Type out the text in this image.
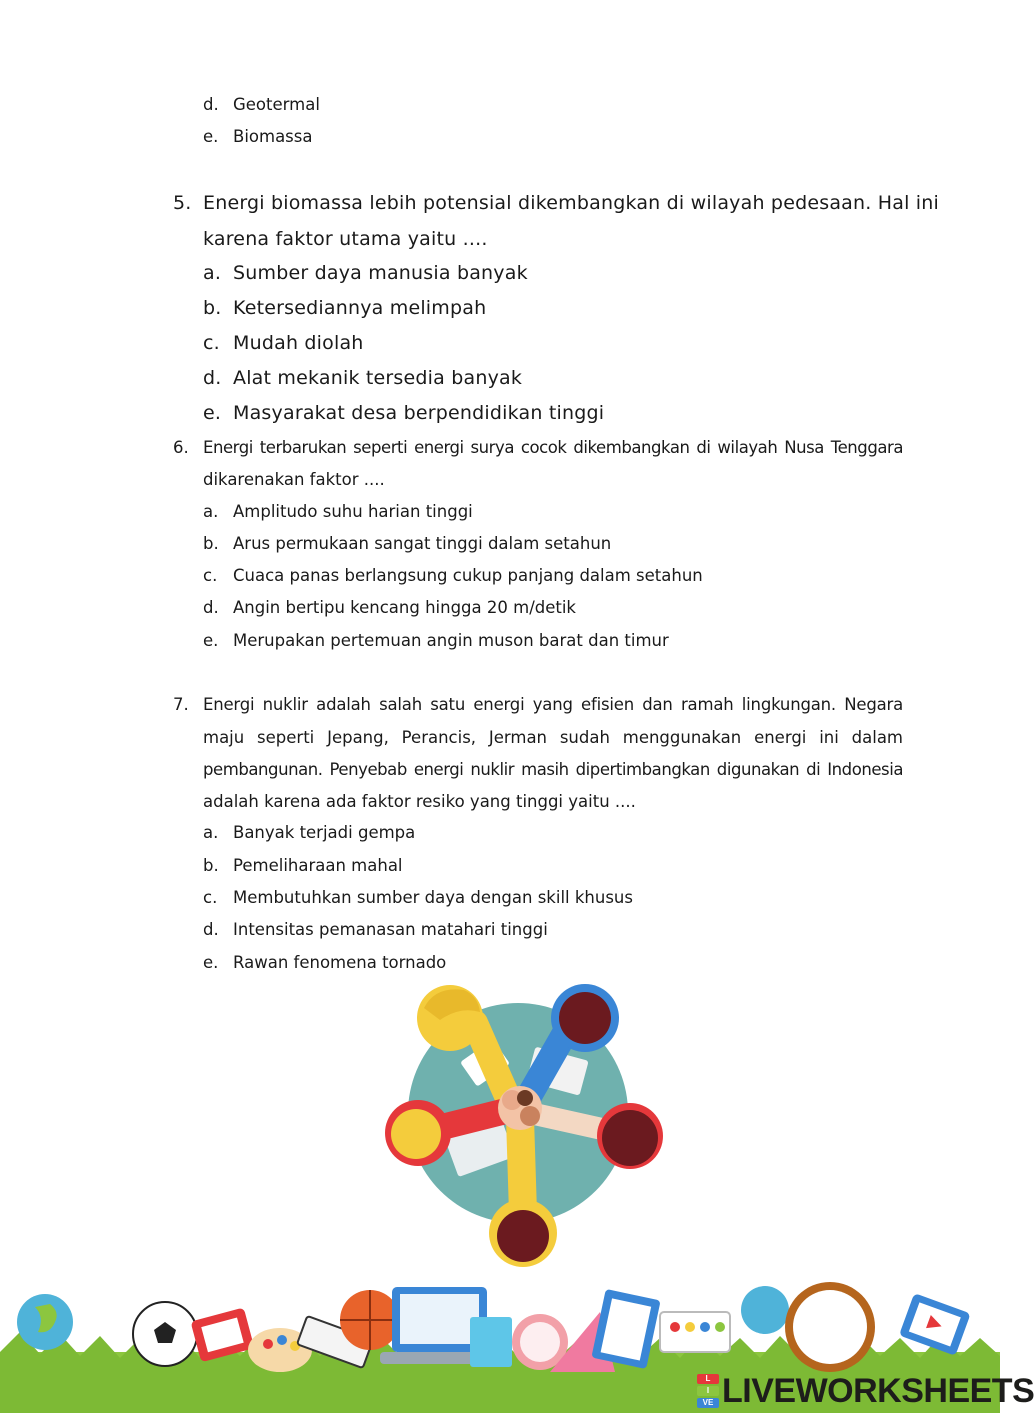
d. Geotermal
e. Biomassa
5. Energi biomassa lebih potensial dikembangkan di wilayah pedesaan. Hal ini
karena faktor utama yaitu ....
a. Sumber daya manusia banyak
b. Ketersediannya melimpah
c. Mudah diolah
d. Alat mekanik tersedia banyak
e. Masyarakat desa berpendidikan tinggi
6. Energi terbarukan seperti energi surya cocok dikembangkan di wilayah Nusa Tenggara
dikarenakan faktor ....
a. Amplitudo suhu harian tinggi
b. Arus permukaan sangat tinggi dalam setahun
c. Cuaca panas berlangsung cukup panjang dalam setahun
d. Angin bertipu kencang hingga 20 m/detik
e. Merupakan pertemuan angin muson barat dan timur
7. Energi nuklir adalah salah satu energi yang efisien dan ramah lingkungan. Negara
maju seperti Jepang, Perancis, Jerman sudah menggunakan energi ini dalam
pembangunan. Penyebab energi nuklir masih dipertimbangkan digunakan di Indonesia
adalah karena ada faktor resiko yang tinggi yaitu ....
a. Banyak terjadi gempa
b. Pemeliharaan mahal
c. Membutuhkan sumber daya dengan skill khusus
d. Intensitas pemanasan matahari tinggi
e. Rawan fenomena tornado
L
I
VE LIVEWORKSHEETS
